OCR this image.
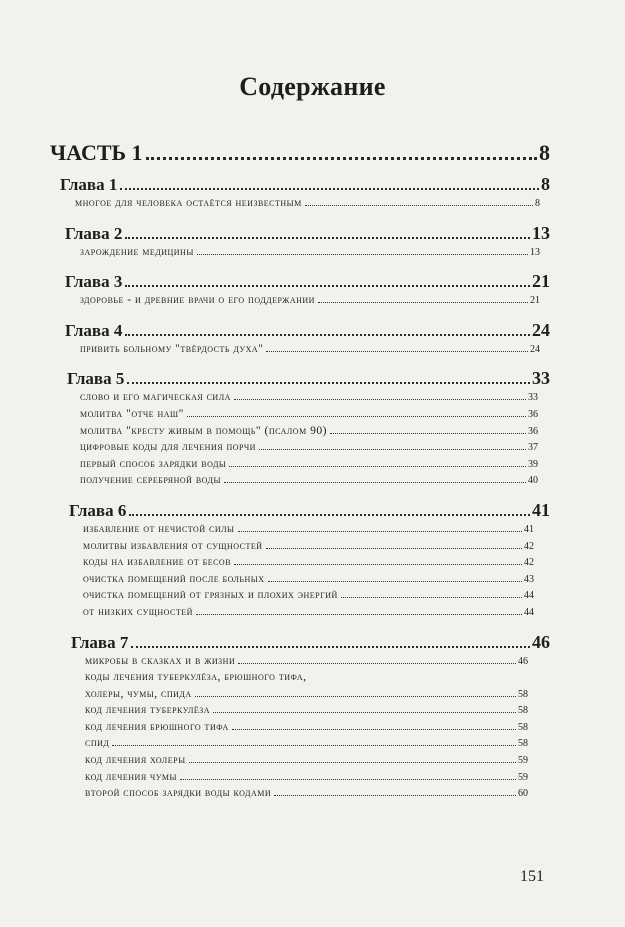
Содержание
ЧАСТЬ 1	8
Глава 1	8
многое для человека остаётся неизвестным	8
Глава 2	13
зарождение медицины	13
Глава 3	21
здоровье - и древние врачи о его поддержании	21
Глава 4	24
привить больному "твёрдость духа"	24
Глава 5	33
слово и его магическая сила	33
молитва "отче наш"	36
молитва "кресту живым в помощь" (псалом 90)	36
цифровые коды для лечения порчи	37
первый способ зарядки воды	39
получение серебряной воды	40
Глава 6	41
избавление от нечистой силы	41
молитвы избавления от сущностей	42
коды на избавление от бесов	42
очистка помещений после больных	43
очистка помещений от грязных и плохих энергий	44
от низких сущностей	44
Глава 7	46
микробы в сказках и в жизни	46
коды лечения туберкулёза, брюшного тифа,
холеры, чумы, спида	58
код лечения туберкулёза	58
код лечения брюшного тифа	58
спид	58
код лечения холеры	59
код лечения чумы	59
второй способ зарядки воды кодами	60
151
